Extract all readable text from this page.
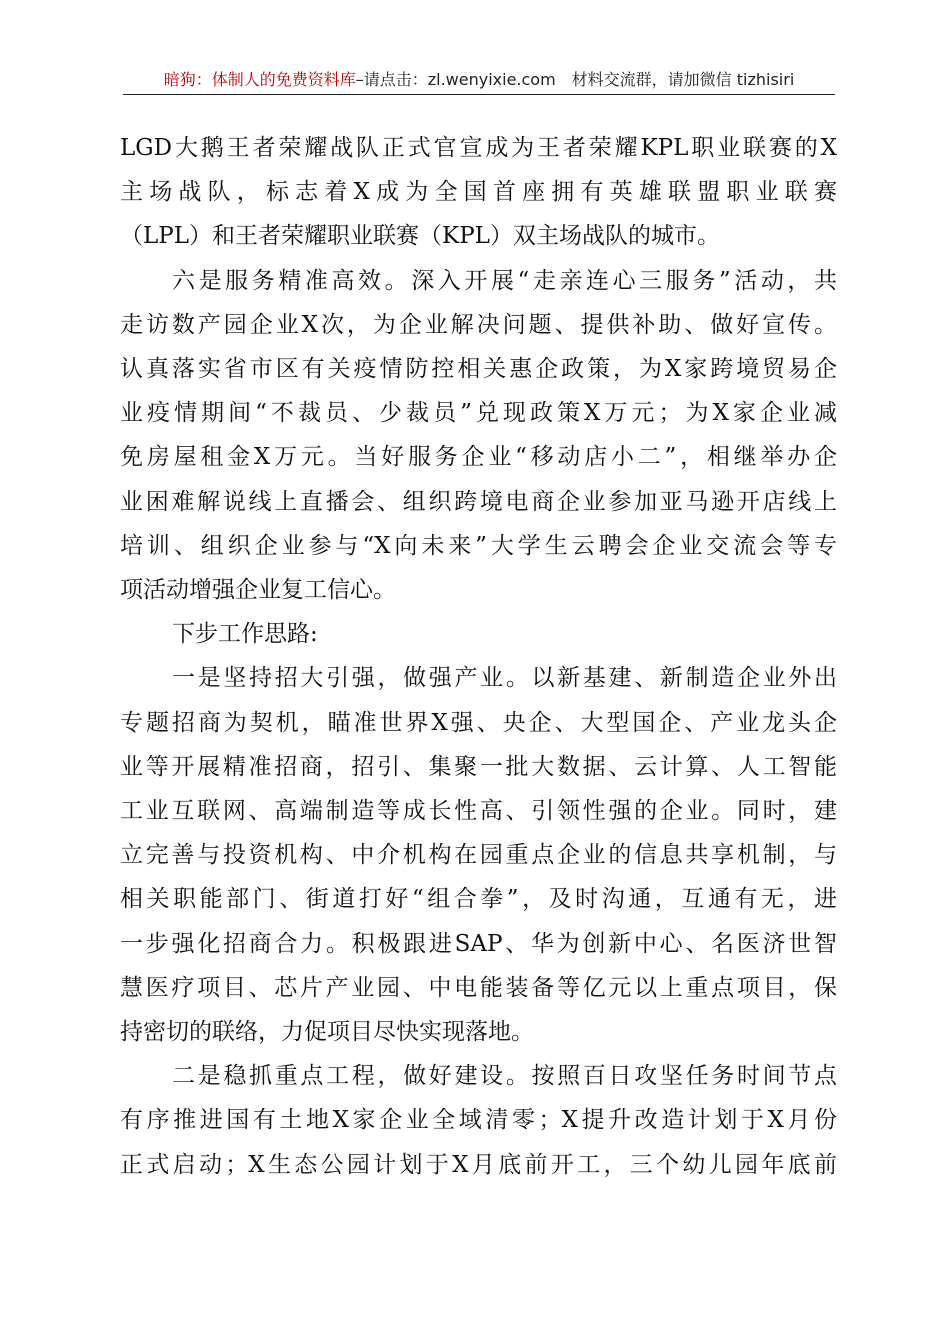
暗狗：体制人的免费资料库–请点击：zl.wenyixie.com 材料交流群，请加微信 tizhisiri

LGD大鹅王者荣耀战队正式官宣成为王者荣耀KPL职业联赛的X

主场战队，标志着X成为全国首座拥有英雄联盟职业联赛

（LPL）和王者荣耀职业联赛（KPL）双主场战队的城市。

六是服务精准高效。深入开展“走亲连心三服务”活动，共

走访数产园企业X次，为企业解决问题、提供补助、做好宣传。

认真落实省市区有关疫情防控相关惠企政策，为X家跨境贸易企

业疫情期间“不裁员、少裁员”兑现政策X万元；为X家企业减

免房屋租金X万元。当好服务企业“移动店小二”，相继举办企

业困难解说线上直播会、组织跨境电商企业参加亚马逊开店线上

培训、组织企业参与“X向未来”大学生云聘会企业交流会等专

项活动增强企业复工信心。

下步工作思路:

一是坚持招大引强，做强产业。以新基建、新制造企业外出

专题招商为契机，瞄准世界X强、央企、大型国企、产业龙头企

业等开展精准招商，招引、集聚一批大数据、云计算、人工智能

工业互联网、高端制造等成长性高、引领性强的企业。同时，建

立完善与投资机构、中介机构在园重点企业的信息共享机制，与

相关职能部门、街道打好“组合拳”，及时沟通，互通有无，进

一步强化招商合力。积极跟进SAP、华为创新中心、名医济世智

慧医疗项目、芯片产业园、中电能装备等亿元以上重点项目，保

持密切的联络，力促项目尽快实现落地。

二是稳抓重点工程，做好建设。按照百日攻坚任务时间节点

有序推进国有土地X家企业全域清零；X提升改造计划于X月份

正式启动；X生态公园计划于X月底前开工，三个幼儿园年底前
